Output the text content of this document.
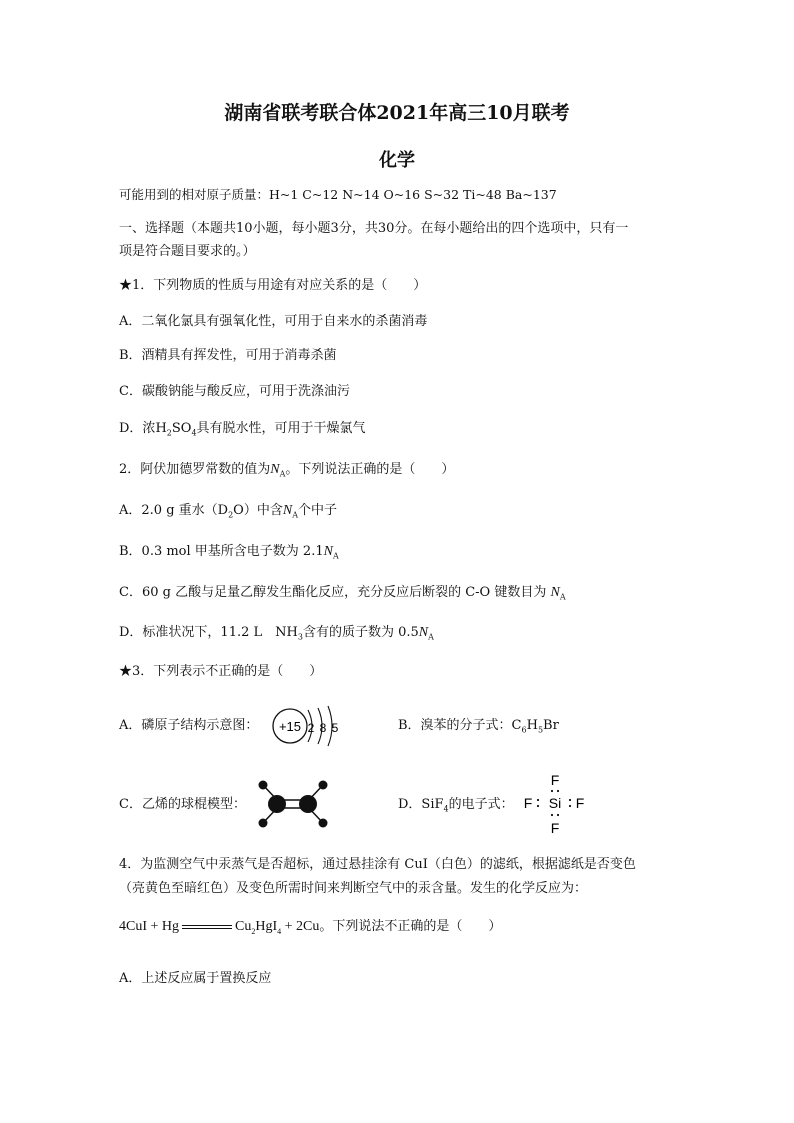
湖南省联考联合体2021年高三10月联考
化学
可能用到的相对原子质量：H~1 C~12 N~14 O~16 S~32 Ti~48 Ba~137
一、选择题（本题共10小题，每小题3分，共30分。在每小题给出的四个选项中，只有一
项是符合题目要求的。）
★1．下列物质的性质与用途有对应关系的是（　　）
A．二氧化氯具有强氧化性，可用于自来水的杀菌消毒
B．酒精具有挥发性，可用于消毒杀菌
C．碳酸钠能与酸反应，可用于洗涤油污
D．浓$H_2SO_4$具有脱水性，可用于干燥氯气
2．阿伏加德罗常数的值为$N_A$。下列说法正确的是（　　）
A．2.0 g 重水$(D_2O)$中含$N_A$个中子
B．0.3 mol 甲基所含电子数为 $2.1N_A$
C．60 g 乙酸与足量乙醇发生酯化反应，充分反应后断裂的 C-O 键数目为 $N_A$
D．标准状况下，11.2 L　$NH_3$含有的质子数为 $0.5N_A$
★3．下列表示不正确的是（　　）
A．磷原子结构示意图： +15 2 8 5	B．溴苯的分子式：$C_6H_5Br$
C．乙烯的球棍模型：	D．SiF$_4$的电子式：
F
Si
F	F
F
4．为监测空气中汞蒸气是否超标，通过悬挂涂有 CuI（白色）的滤纸，根据滤纸是否变色
（亮黄色至暗红色）及变色所需时间来判断空气中的汞含量。发生的化学反应为：
4CuI + Hg	$Cu_2HgI_4 + 2Cu$。下列说法不正确的是（　　）
A．上述反应属于置换反应
